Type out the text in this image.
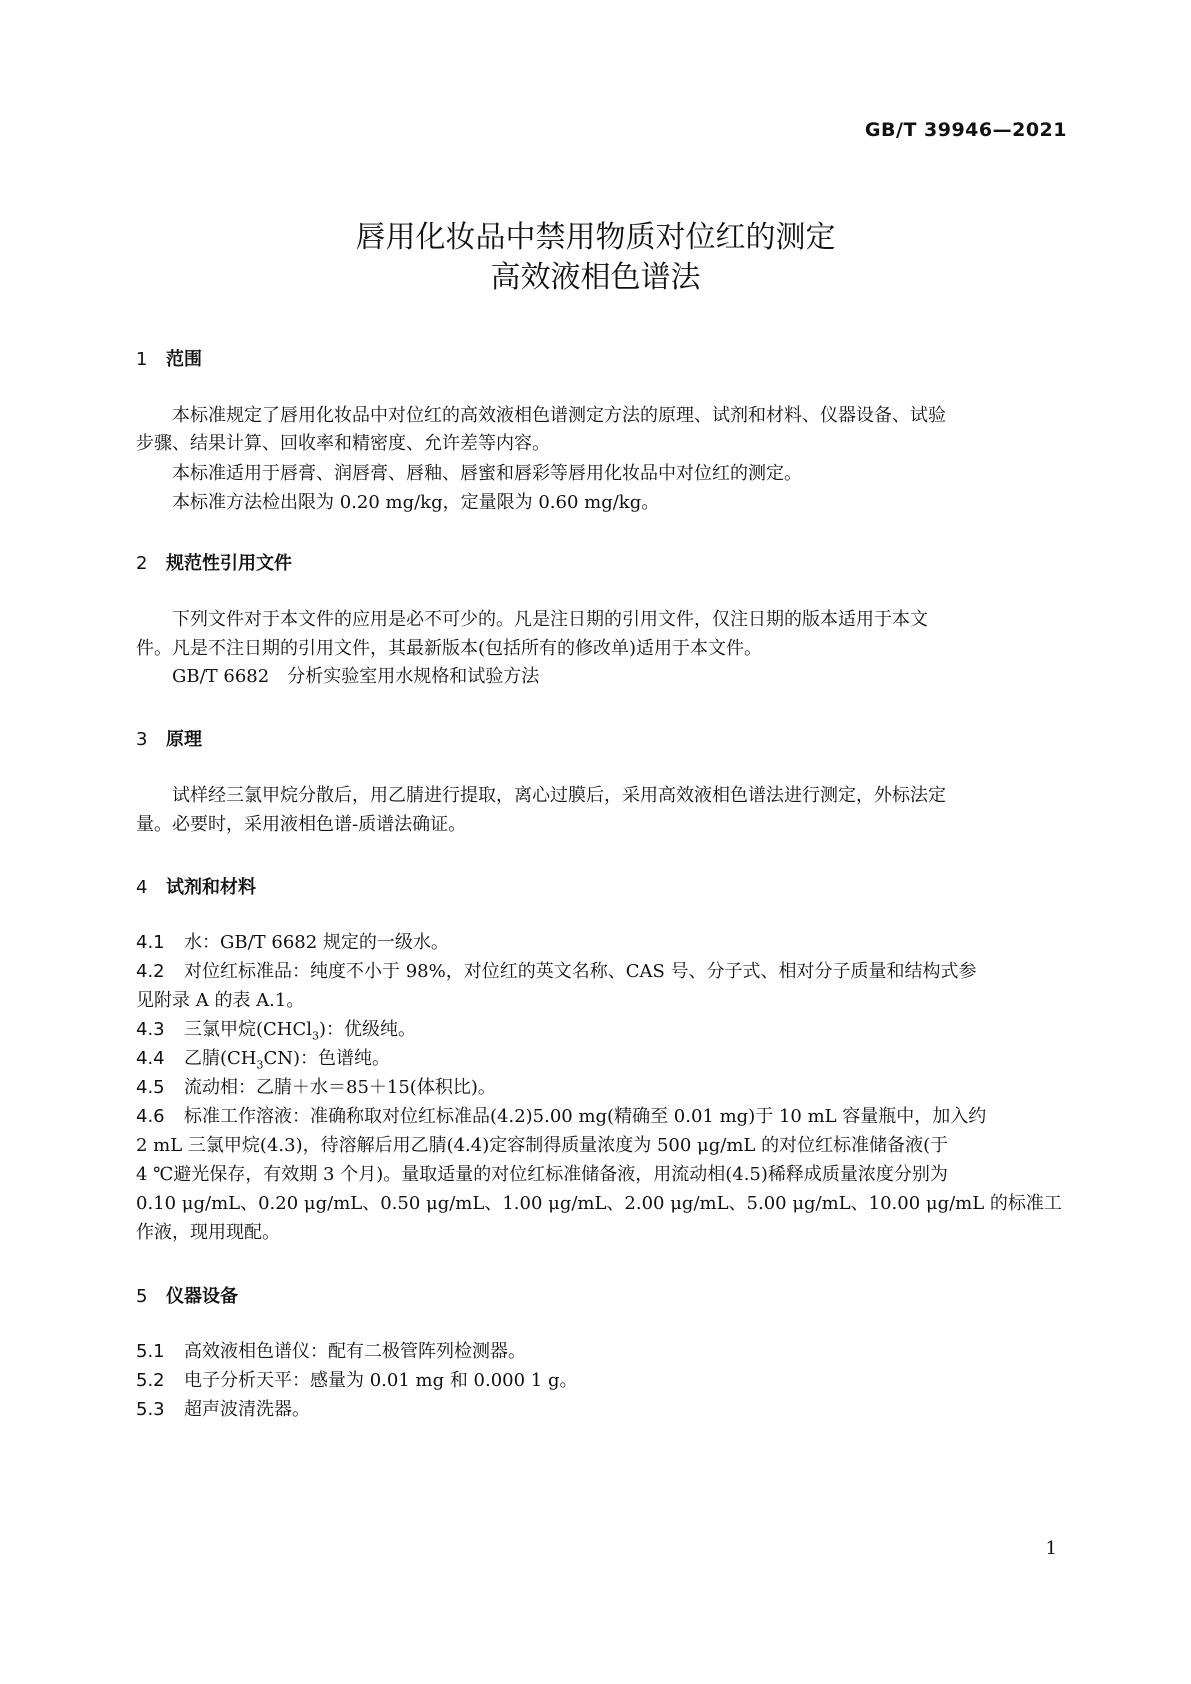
GB/T 39946—2021
唇用化妆品中禁用物质对位红的测定
高效液相色谱法
1 范围
本标准规定了唇用化妆品中对位红的高效液相色谱测定方法的原理、试剂和材料、仪器设备、试验
步骤、结果计算、回收率和精密度、允许差等内容。
本标准适用于唇膏、润唇膏、唇釉、唇蜜和唇彩等唇用化妆品中对位红的测定。
本标准方法检出限为 0.20 mg/kg，定量限为 0.60 mg/kg。
2 规范性引用文件
下列文件对于本文件的应用是必不可少的。凡是注日期的引用文件，仅注日期的版本适用于本文
件。凡是不注日期的引用文件，其最新版本(包括所有的修改单)适用于本文件。
GB/T 6682　分析实验室用水规格和试验方法
3 原理
试样经三氯甲烷分散后，用乙腈进行提取，离心过膜后，采用高效液相色谱法进行测定，外标法定
量。必要时，采用液相色谱-质谱法确证。
4 试剂和材料
4.1 水：GB/T 6682 规定的一级水。
4.2 对位红标准品：纯度不小于 98%，对位红的英文名称、CAS 号、分子式、相对分子质量和结构式参
见附录 A 的表 A.1。
4.3 三氯甲烷(CHCl$_3$)：优级纯。
4.4 乙腈$(CH_3CN)$：色谱纯。
4.5 流动相：乙腈＋水＝85＋15(体积比)。
4.6 标准工作溶液：准确称取对位红标准品(4.2)5.00 mg(精确至 0.01 mg)于 10 mL 容量瓶中，加入约
2 mL 三氯甲烷(4.3)，待溶解后用乙腈(4.4)定容制得质量浓度为 500 μg/mL 的对位红标准储备液(于
4 ℃避光保存，有效期 3 个月)。量取适量的对位红标准储备液，用流动相(4.5)稀释成质量浓度分别为
0.10 μg/mL、0.20 μg/mL、0.50 μg/mL、1.00 μg/mL、2.00 μg/mL、5.00 μg/mL、10.00 μg/mL 的标准工
作液，现用现配。
5 仪器设备
5.1 高效液相色谱仪：配有二极管阵列检测器。
5.2 电子分析天平：感量为 0.01 mg 和 0.000 1 g。
5.3 超声波清洗器。
1
